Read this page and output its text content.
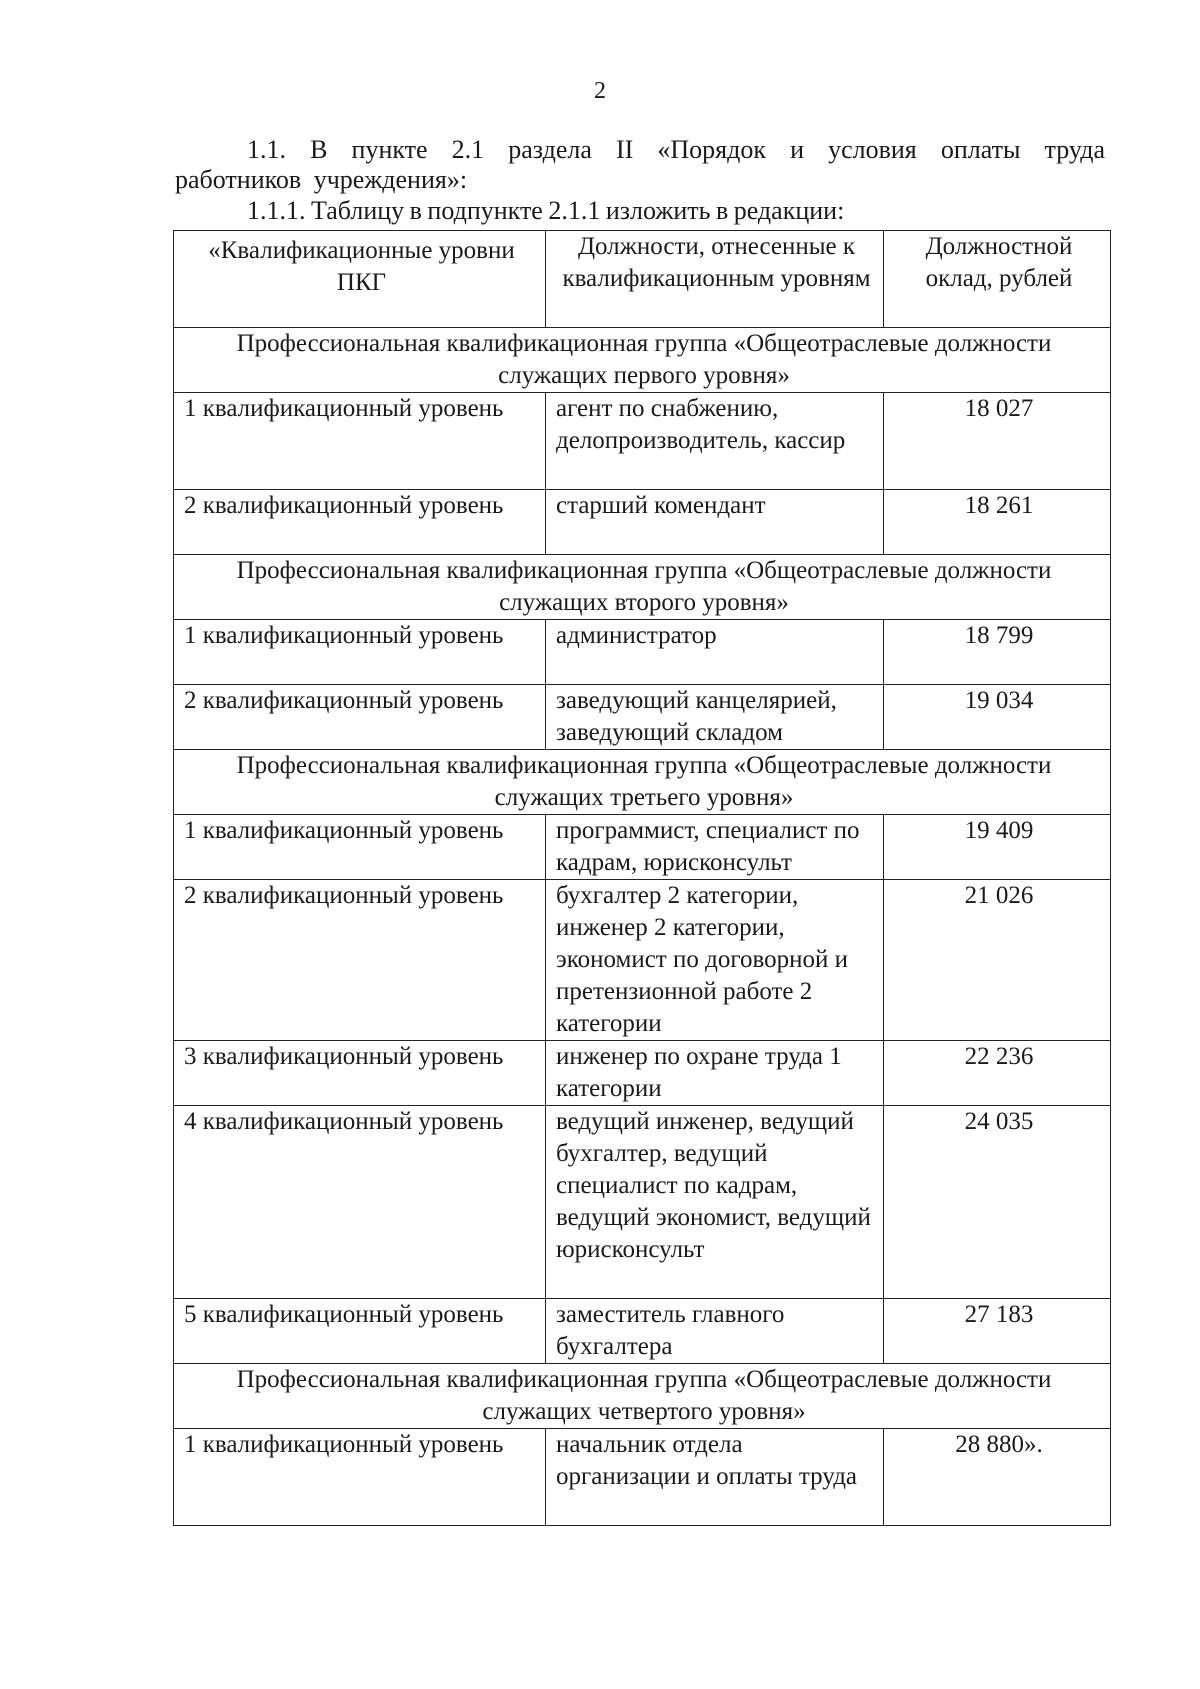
2
1.1. В пункте 2.1 раздела II «Порядок и условия оплаты труда работников учреждения»:
1.1.1. Таблицу в подпункте 2.1.1 изложить в редакции:
«Квалификационные уровни ПКГ	Должности, отнесенные к квалификационным уровням	Должностной оклад, рублей
Профессиональная квалификационная группа «Общеотраслевые должности служащих первого уровня»		
1 квалификационный уровень	агент по снабжению, делопроизводитель, кассир	18 027
2 квалификационный уровень	старший комендант	18 261
Профессиональная квалификационная группа «Общеотраслевые должности служащих второго уровня»		
1 квалификационный уровень	администратор	18 799
2 квалификационный уровень	заведующий канцелярией, заведующий складом	19 034
Профессиональная квалификационная группа «Общеотраслевые должности служащих третьего уровня»		
1 квалификационный уровень	программист, специалист по кадрам, юрисконсульт	19 409
2 квалификационный уровень	бухгалтер 2 категории, инженер 2 категории, экономист по договорной и претензионной работе 2 категории	21 026
3 квалификационный уровень	инженер по охране труда 1 категории	22 236
4 квалификационный уровень	ведущий инженер, ведущий бухгалтер, ведущий специалист по кадрам, ведущий экономист, ведущий юрисконсульт	24 035
5 квалификационный уровень	заместитель главного бухгалтера	27 183
Профессиональная квалификационная группа «Общеотраслевые должности служащих четвертого уровня»		
1 квалификационный уровень	начальник отдела организации и оплаты труда	28 880».
